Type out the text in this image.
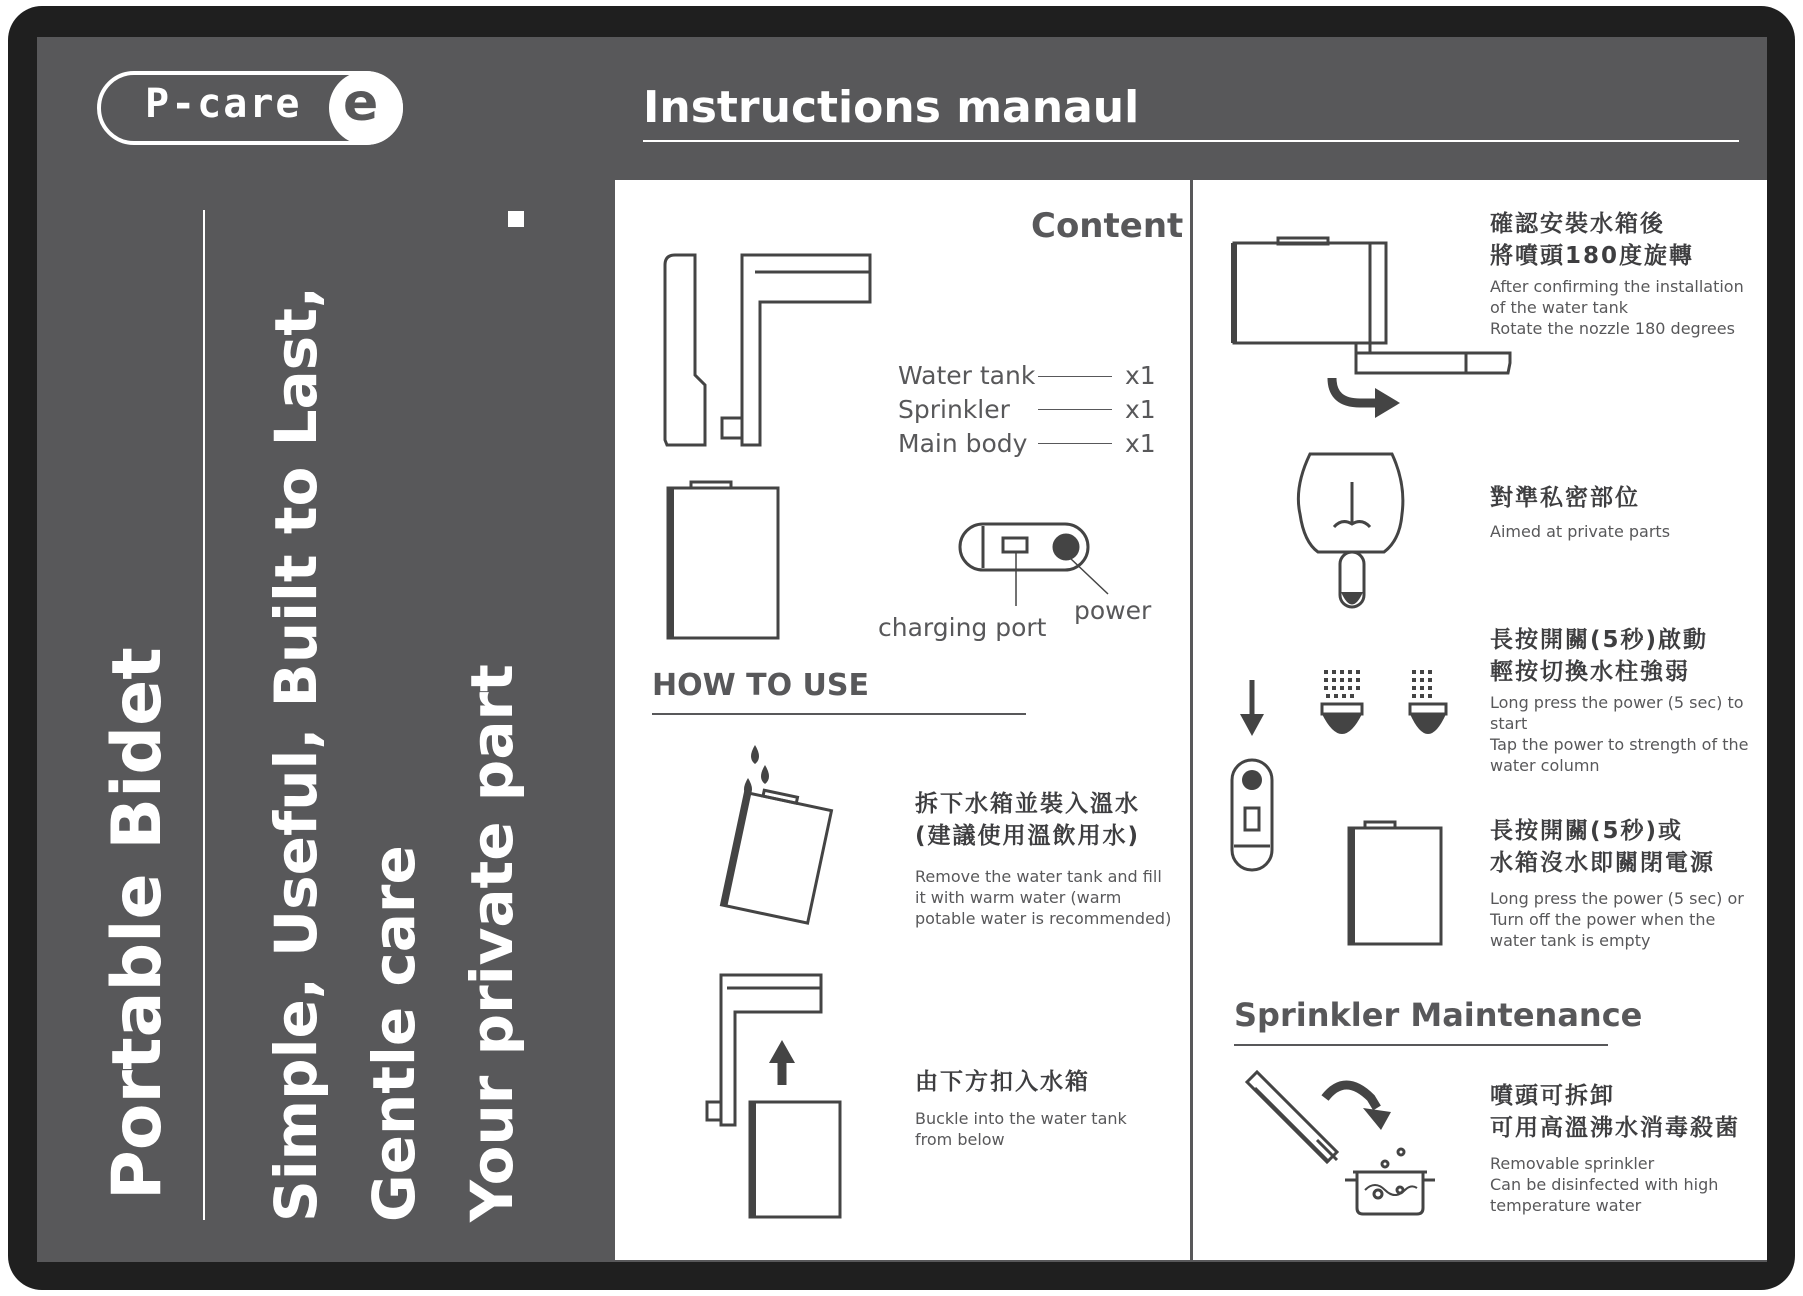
P-care e	Instructions manaul
Portable Bidet Simple, Useful, Built to Last, Gentle care Your private part
Content
Water tank
Sprinkler
Main body
x1
x1
x1
charging port
power
HOW TO USE
拆下水箱並裝入溫水
(建議使用溫飲用水)
Remove the water tank and fill
it with warm water (warm
potable water is recommended)
由下方扣入水箱
Buckle into the water tank
from below
確認安裝水箱後
將噴頭180度旋轉
After confirming the installation
of the water tank
Rotate the nozzle 180 degrees
對準私密部位
Aimed at private parts
長按開關(5秒)啟動
輕按切換水柱強弱
Long press the power (5 sec) to
start
Tap the power to strength of the
water column
長按開關(5秒)或
水箱沒水即關閉電源
Long press the power (5 sec) or
Turn off the power when the
water tank is empty
Sprinkler Maintenance
噴頭可拆卸
可用高溫沸水消毒殺菌
Removable sprinkler
Can be disinfected with high
temperature water
